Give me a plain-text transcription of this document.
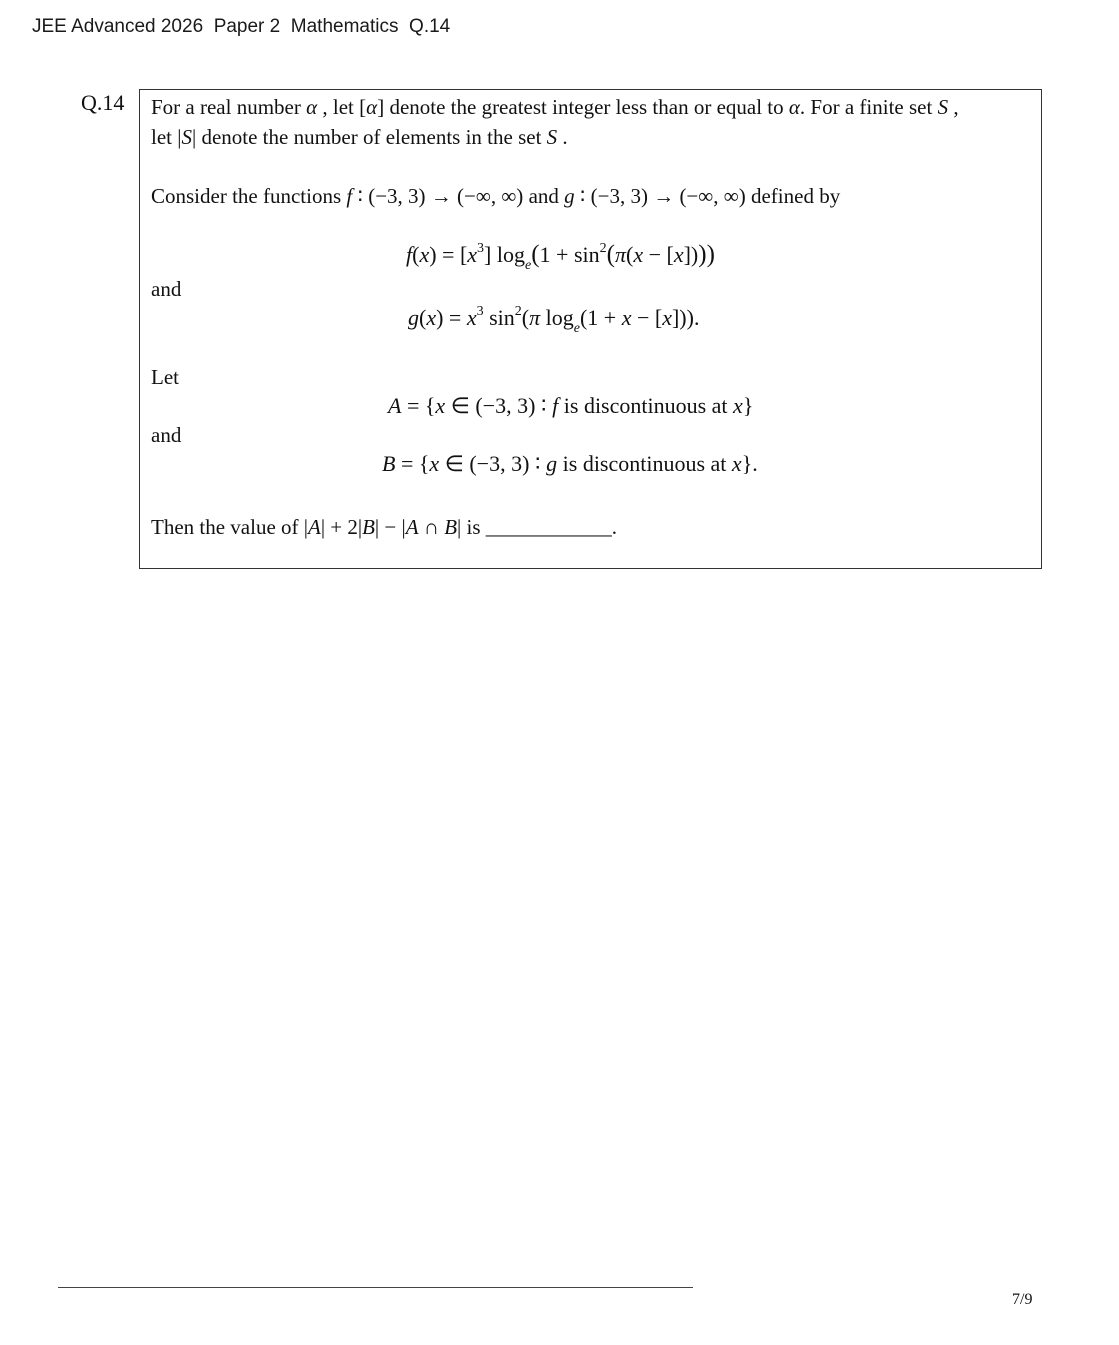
JEE Advanced 2026  Paper 2  Mathematics  Q.14
Q.14 For a real number α , let [α] denote the greatest integer less than or equal to α. For a finite set S ,
let |S| denote the number of elements in the set S .
Consider the functions f ∶ (−3, 3) → (−∞, ∞) and g ∶ (−3, 3) → (−∞, ∞) defined by
$f(x) = [x^3] \log_e(1 + \sin^2(\pi(x - [x])))$
and
$g(x) = x^3$ $\sin^2(\pi$ $\log_e(1 + x - [x])$).
Let
A = {x ∈ (−3, 3) ∶ f is discontinuous at x}
and
B = {x ∈ (−3, 3) ∶ g is discontinuous at x}.
Then the value of |A| + 2|B| − |A ∩ B| is ____________.
7/9
